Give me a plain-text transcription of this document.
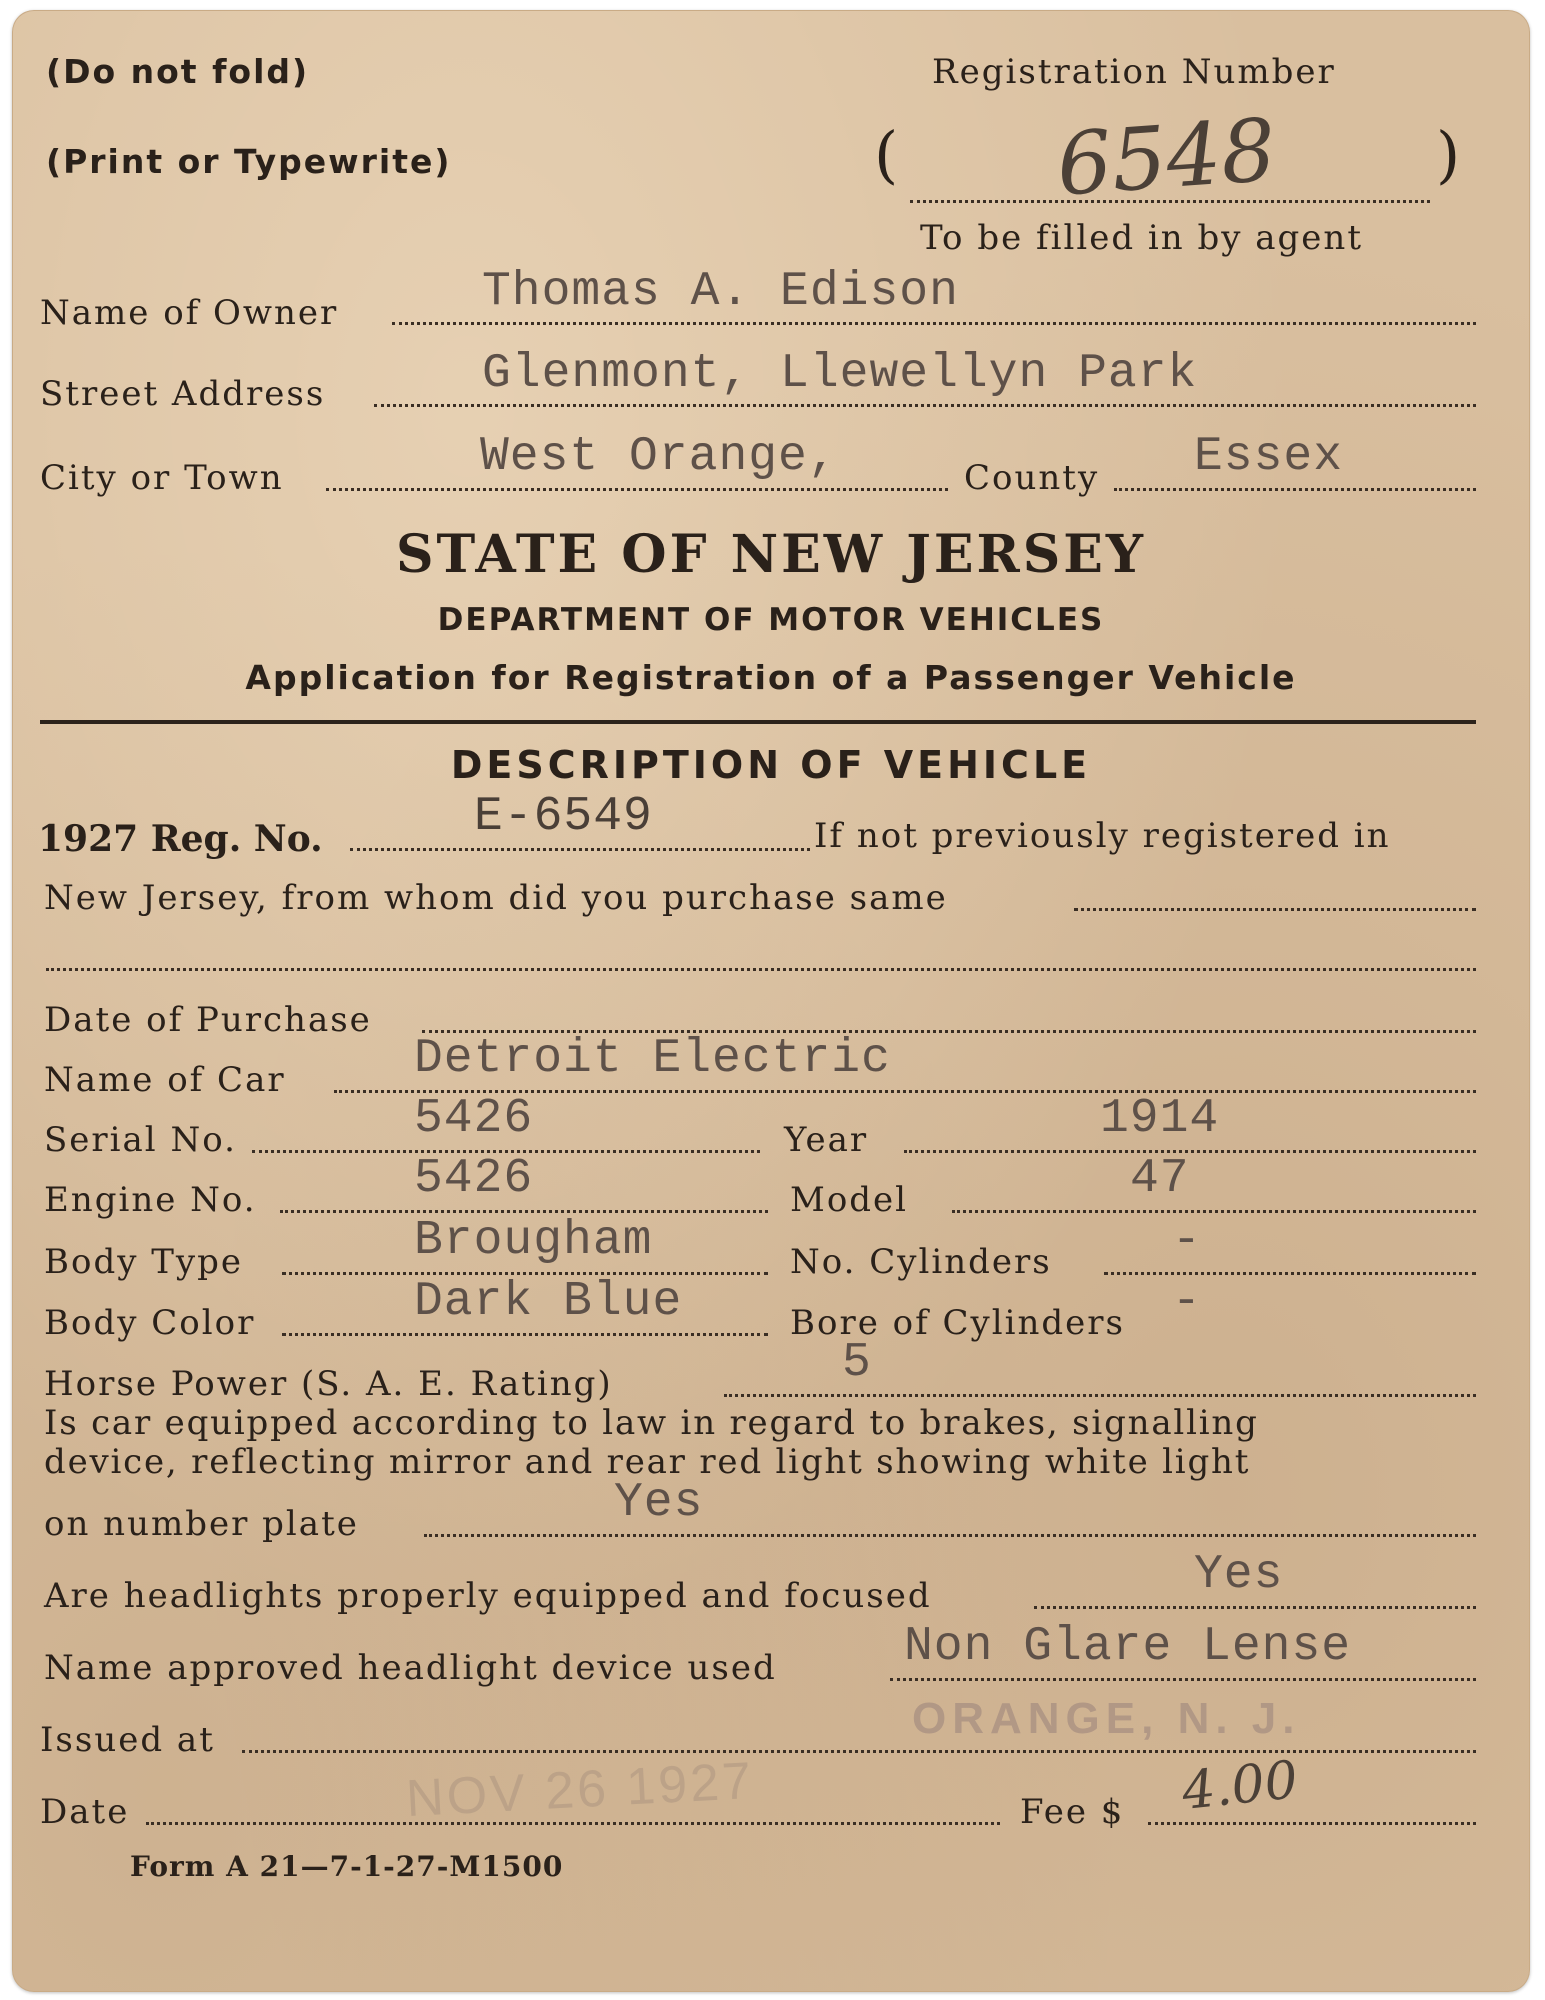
(Do not fold)
(Print or Typewrite)
Registration Number
( 6548	)
To be filled in by agent
Name of Owner	Thomas A. Edison
Street Address	Glenmont, Llewellyn Park
City or Town	West Orange,	County Essex
STATE OF NEW JERSEY
DEPARTMENT OF MOTOR VEHICLES
Application for Registration of a Passenger Vehicle
DESCRIPTION OF VEHICLE
1927 Reg. No.	E-6549	If not previously registered in
New Jersey, from whom did you purchase same
Date of Purchase
Name of Car	Detroit Electric
Serial No.	5426	Year	1914
Engine No.	5426	Model	47
Body Type	Brougham	No. Cylinders	-
Body Color	Dark Blue	Bore of Cylinders -
Horse Power (S. A. E. Rating)	5
Is car equipped according to law in regard to brakes, signalling
device, reflecting mirror and rear red light showing white light
on number plate	Yes
Are headlights properly equipped and focused	Yes
Name approved headlight device used	Non Glare Lense
Issued at	ORANGE, N. J.
Date	NOV 26 1927	Fee $ 4.00
Form A 21—7-1-27-M1500
